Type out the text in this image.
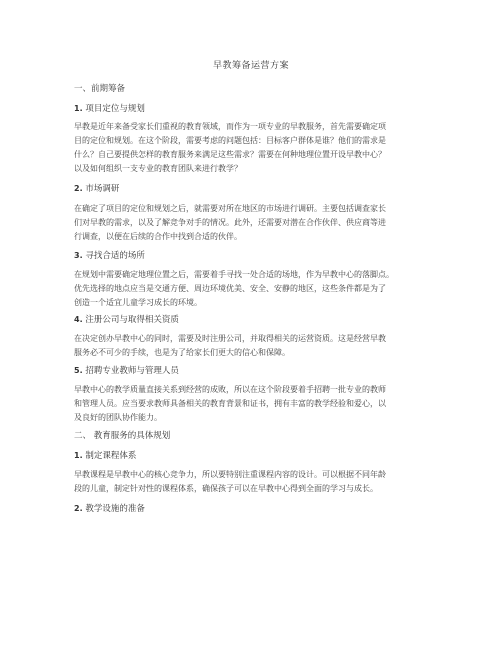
早教筹备运营方案
一、前期筹备
1. 项目定位与规划
早教是近年来备受家长们重视的教育领域，而作为一项专业的早教服务，首先需要确定项
目的定位和规划。在这个阶段，需要考虑的问题包括：目标客户群体是谁？他们的需求是
什么？自己要提供怎样的教育服务来满足这些需求？需要在何种地理位置开设早教中心？
以及如何组织一支专业的教育团队来进行教学？
2. 市场调研
在确定了项目的定位和规划之后，就需要对所在地区的市场进行调研。主要包括调查家长
们对早教的需求，以及了解竞争对手的情况。此外，还需要对潜在合作伙伴、供应商等进
行调查，以便在后续的合作中找到合适的伙伴。
3. 寻找合适的场所
在规划中需要确定地理位置之后，需要着手寻找一处合适的场地，作为早教中心的落脚点。
优先选择的地点应当是交通方便、周边环境优美、安全、安静的地区，这些条件都是为了
创造一个适宜儿童学习成长的环境。
4. 注册公司与取得相关资质
在决定创办早教中心的同时，需要及时注册公司，并取得相关的运营资质。这是经营早教
服务必不可少的手续，也是为了给家长们更大的信心和保障。
5. 招聘专业教师与管理人员
早教中心的教学质量直接关系到经营的成败，所以在这个阶段要着手招聘一批专业的教师
和管理人员。应当要求教师具备相关的教育背景和证书，拥有丰富的教学经验和爱心，以
及良好的团队协作能力。
二、 教育服务的具体规划
1. 制定课程体系
早教课程是早教中心的核心竞争力，所以要特别注重课程内容的设计。可以根据不同年龄
段的儿童，制定针对性的课程体系，确保孩子可以在早教中心得到全面的学习与成长。
2. 教学设施的准备
